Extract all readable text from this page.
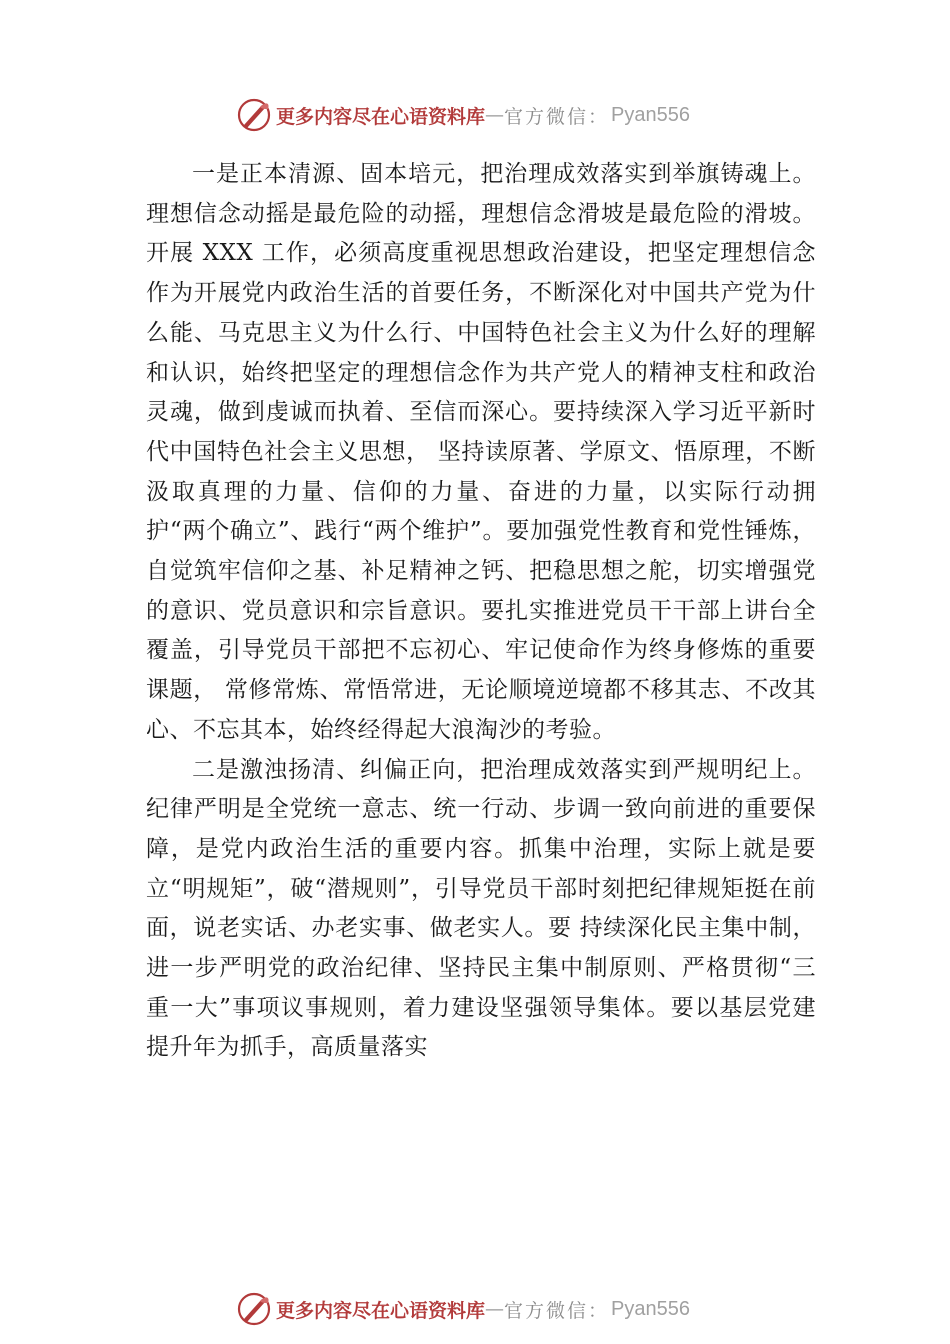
更多内容尽在心语资料库 — 官方微信： Pyan556

一是正本清源、固本培元，把治理成效落实到举旗铸魂上。理想信念动摇是最危险的动摇，理想信念滑坡是最危险的滑坡。开展 XXX 工作，必须高度重视思想政治建设，把坚定理想信念作为开展党内政治生活的首要任务，不断深化对中国共产党为什么能、马克思主义为什么行、中国特色社会主义为什么好的理解和认识，始终把坚定的理想信念作为共产党人的精神支柱和政治灵魂，做到虔诚而执着、至信而深心。要持续深入学习近平新时代中国特色社会主义思想， 坚持读原著、学原文、悟原理，不断汲取真理的力量、信仰的力量、奋进的力量，以实际行动拥护“两个确立”、践行“两个维护”。要加强党性教育和党性锤炼，自觉筑牢信仰之基、补足精神之钙、把稳思想之舵，切实增强党的意识、党员意识和宗旨意识。要扎实推进党员干干部上讲台全覆盖，引导党员干部把不忘初心、牢记使命作为终身修炼的重要课题， 常修常炼、常悟常进，无论顺境逆境都不移其志、不改其心、不忘其本，始终经得起大浪淘沙的考验。

二是激浊扬清、纠偏正向，把治理成效落实到严规明纪上。纪律严明是全党统一意志、统一行动、步调一致向前进的重要保障，是党内政治生活的重要内容。抓集中治理，实际上就是要立“明规矩”，破“潜规则”，引导党员干部时刻把纪律规矩挺在前面，说老实话、办老实事、做老实人。要 持续深化民主集中制，进一步严明党的政治纪律、坚持民主集中制原则、严格贯彻“三重一大”事项议事规则，着力建设坚强领导集体。要以基层党建提升年为抓手，高质量落实

更多内容尽在心语资料库 — 官方微信： Pyan556
